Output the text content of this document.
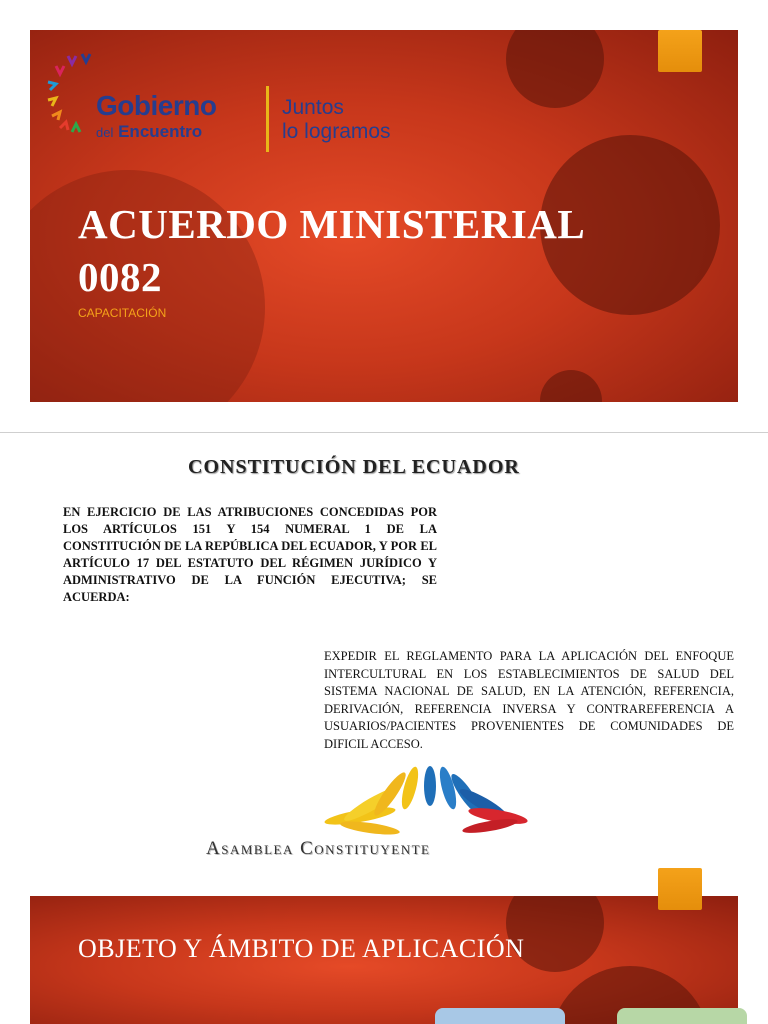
Gobierno
del Encuentro
Juntos
lo logramos
ACUERDO MINISTERIAL
0082
CAPACITACIÓN
CONSTITUCIÓN DEL ECUADOR
EN EJERCICIO DE LAS ATRIBUCIONES CONCEDIDAS POR LOS ARTÍCULOS 151 Y 154 NUMERAL 1 DE LA CONSTITUCIÓN DE LA REPÚBLICA DEL ECUADOR, Y POR EL ARTÍCULO 17 DEL ESTATUTO DEL RÉGIMEN JURÍDICO Y ADMINISTRATIVO DE LA FUNCIÓN EJECUTIVA; SE ACUERDA:
EXPEDIR EL REGLAMENTO PARA LA APLICACIÓN DEL ENFOQUE INTERCULTURAL EN LOS ESTABLECIMIENTOS DE SALUD DEL SISTEMA NACIONAL DE SALUD, EN LA ATENCIÓN, REFERENCIA, DERIVACIÓN, REFERENCIA INVERSA Y CONTRAREFERENCIA A USUARIOS/PACIENTES PROVENIENTES DE COMUNIDADES DE DIFICIL ACCESO.
Asamblea Constituyente
OBJETO Y ÁMBITO DE APLICACIÓN
